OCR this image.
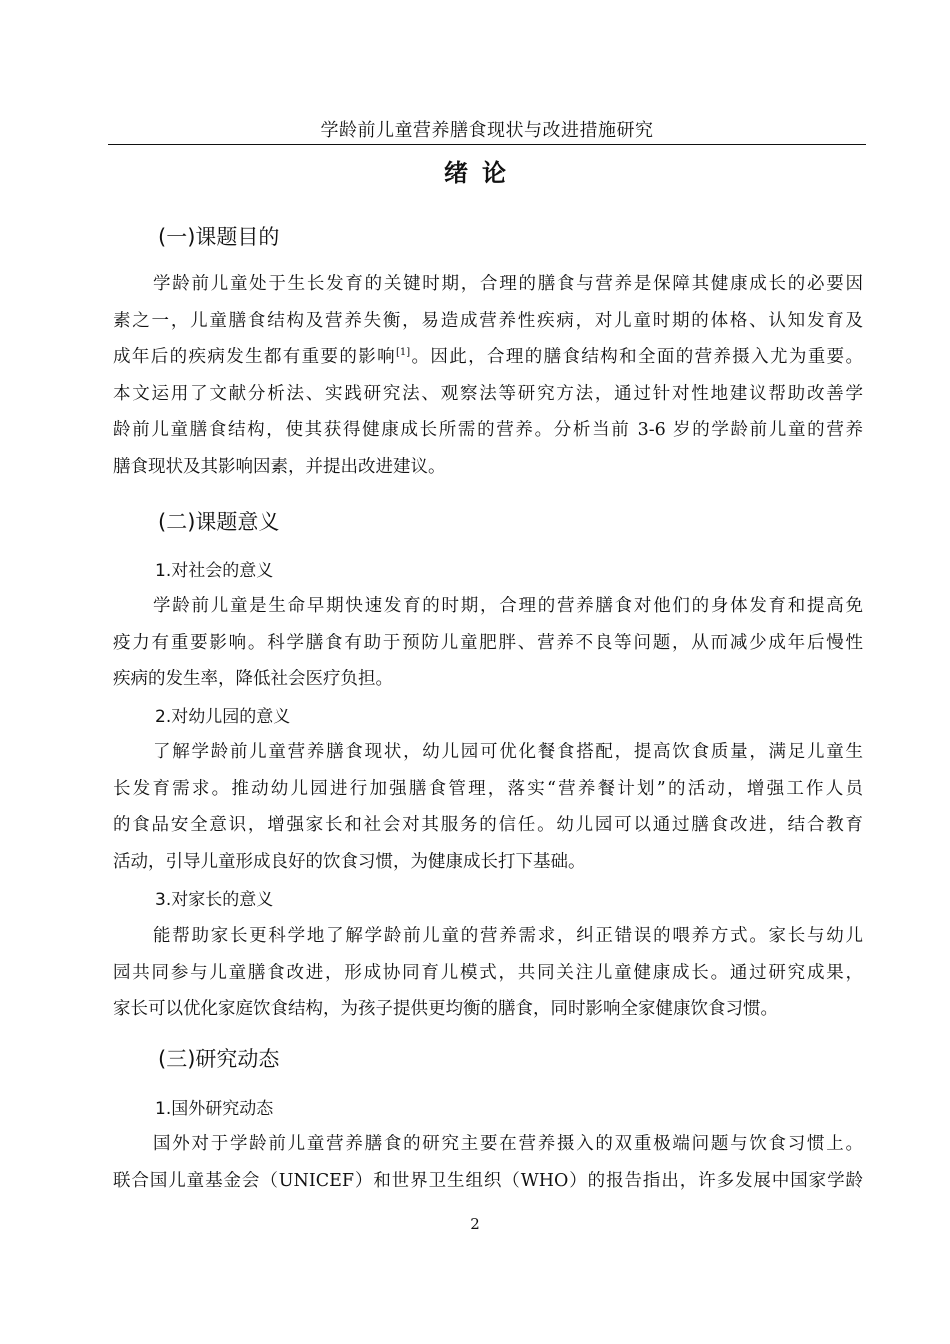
学龄前儿童营养膳食现状与改进措施研究
绪论
(一)课题目的
学龄前儿童处于生长发育的关键时期，合理的膳食与营养是保障其健康成长的必要因
素之一，儿童膳食结构及营养失衡，易造成营养性疾病，对儿童时期的体格、认知发育及
成年后的疾病发生都有重要的影响[1]。因此，合理的膳食结构和全面的营养摄入尤为重要。
本文运用了文献分析法、实践研究法、观察法等研究方法，通过针对性地建议帮助改善学
龄前儿童膳食结构，使其获得健康成长所需的营养。分析当前 3-6 岁的学龄前儿童的营养
膳食现状及其影响因素，并提出改进建议。
(二)课题意义
1.对社会的意义
学龄前儿童是生命早期快速发育的时期，合理的营养膳食对他们的身体发育和提高免
疫力有重要影响。科学膳食有助于预防儿童肥胖、营养不良等问题，从而减少成年后慢性
疾病的发生率，降低社会医疗负担。
2.对幼儿园的意义
了解学龄前儿童营养膳食现状，幼儿园可优化餐食搭配，提高饮食质量，满足儿童生
长发育需求。推动幼儿园进行加强膳食管理，落实“营养餐计划”的活动，增强工作人员
的食品安全意识，增强家长和社会对其服务的信任。幼儿园可以通过膳食改进，结合教育
活动，引导儿童形成良好的饮食习惯，为健康成长打下基础。
3.对家长的意义
能帮助家长更科学地了解学龄前儿童的营养需求，纠正错误的喂养方式。家长与幼儿
园共同参与儿童膳食改进，形成协同育儿模式，共同关注儿童健康成长。通过研究成果，
家长可以优化家庭饮食结构，为孩子提供更均衡的膳食，同时影响全家健康饮食习惯。
(三)研究动态
1.国外研究动态
国外对于学龄前儿童营养膳食的研究主要在营养摄入的双重极端问题与饮食习惯上。
联合国儿童基金会（UNICEF）和世界卫生组织（WHO）的报告指出，许多发展中国家学龄
2
